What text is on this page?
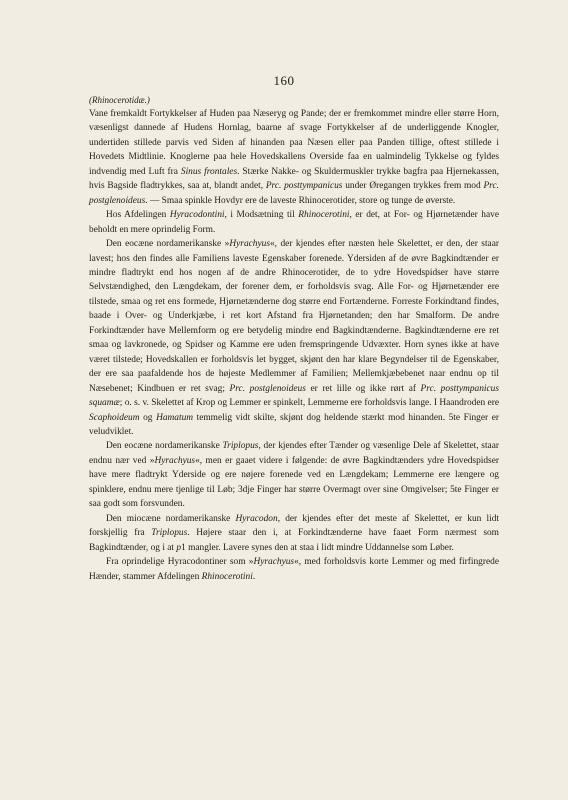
160

(Rhinocerotidæ.)

Vane fremkaldt Fortykkelser af Huden paa Næseryg og Pande; der er fremkommet mindre eller større Horn, væsenligst dannede af Hudens Hornlag, baarne af svage Fortykkelser af de underliggende Knogler, undertiden stillede parvis ved Siden af hinanden paa Næsen eller paa Panden tillige, oftest stillede i Hovedets Midtlinie. Knoglerne paa hele Hovedskallens Overside faa en ualmindelig Tykkelse og fyldes indvendig med Luft fra Sinus frontales. Stærke Nakke- og Skuldermuskler trykke bagfra paa Hjernekassen, hvis Bagside fladtrykkes, saa at, blandt andet, Prc. posttympanicus under Øregangen trykkes frem mod Prc. postglenoideus. — Smaa spinkle Hovdyr ere de laveste Rhinocerotider, store og tunge de øverste.

Hos Afdelingen Hyracodontini, i Modsætning til Rhinocerotini, er det, at For- og Hjørnetænder have beholdt en mere oprindelig Form.

Den eocæne nordamerikanske »Hyrachyus«, der kjendes efter næsten hele Skelettet, er den, der staar lavest; hos den findes alle Familiens laveste Egenskaber forenede. Ydersiden af de øvre Bagkindtænder er mindre fladtrykt end hos nogen af de andre Rhinocerotider, de to ydre Hovedspidser have større Selvstændighed, den Længdekam, der forener dem, er forholdsvis svag. Alle For- og Hjørnetænder ere tilstede, smaa og ret ens formede, Hjørnetænderne dog større end Fortænderne. Forreste Forkindtand findes, baade i Over- og Underkjæbe, i ret kort Afstand fra Hjørnetanden; den har Smalform. De andre Forkindtænder have Mellemform og ere betydelig mindre end Bagkindtænderne. Bagkindtænderne ere ret smaa og lavkronede, og Spidser og Kamme ere uden fremspringende Udvæxter. Horn synes ikke at have været tilstede; Hovedskallen er forholdsvis let bygget, skjønt den har klare Begyndelser til de Egenskaber, der ere saa paafaldende hos de højeste Medlemmer af Familien; Mellemkjæbebenet naar endnu op til Næsebenet; Kindbuen er ret svag; Prc. postglenoideus er ret lille og ikke rørt af Prc. posttympanicus squamæ; o. s. v. Skelettet af Krop og Lemmer er spinkelt, Lemmerne ere forholdsvis lange. I Haandroden ere Scaphoideum og Hamatum temmelig vidt skilte, skjønt dog heldende stærkt mod hinanden. 5te Finger er veludviklet.

Den eocæne nordamerikanske Triplopus, der kjendes efter Tænder og væsenlige Dele af Skelettet, staar endnu nær ved »Hyrachyus«, men er gaaet videre i følgende: de øvre Bagkindtænders ydre Hovedspidser have mere fladtrykt Yderside og ere nøjere forenede ved en Længdekam; Lemmerne ere længere og spinklere, endnu mere tjenlige til Løb; 3dje Finger har større Overmagt over sine Omgivelser; 5te Finger er saa godt som forsvunden.

Den miocæne nordamerikanske Hyracodon, der kjendes efter det meste af Skelettet, er kun lidt forskjellig fra Triplopus. Højere staar den i, at Forkindtænderne have faaet Form nærmest som Bagkindtænder, og i at p1 mangler. Lavere synes den at staa i lidt mindre Uddannelse som Løber.

Fra oprindelige Hyracodontiner som »Hyrachyus«, med forholdsvis korte Lemmer og med firfingrede Hænder, stammer Afdelingen Rhinocerotini.
